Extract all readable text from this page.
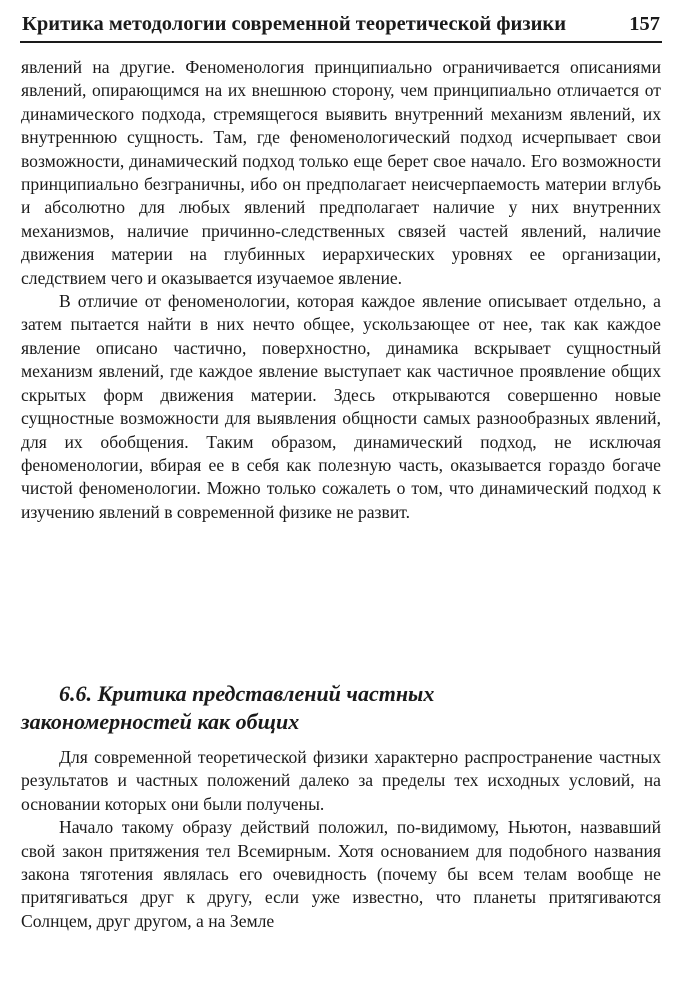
Критика методологии современной теоретической физики	157

явлений на другие. Феноменология принципиально ограничивается описаниями явлений, опирающимся на их внешнюю сторону, чем принципиально отличается от динамического подхода, стремящегося выявить внутренний механизм явлений, их внутреннюю сущность. Там, где феноменологический подход исчерпывает свои возможности, динамический подход только еще берет свое начало. Его возможности принципиально безграничны, ибо он предполагает неисчерпаемость материи вглубь и абсолютно для любых явлений предполагает наличие у них внутренних механизмов, наличие причинно-следственных связей частей явлений, наличие движения материи на глубинных иерархических уровнях ее организации, следствием чего и оказывается изучаемое явление.

В отличие от феноменологии, которая каждое явление описывает отдельно, а затем пытается найти в них нечто общее, ускользающее от нее, так как каждое явление описано частично, поверхностно, динамика вскрывает сущностный механизм явлений, где каждое явление выступает как частичное проявление общих скрытых форм движения материи. Здесь открываются совершенно новые сущностные возможности для выявления общности самых разнообразных явлений, для их обобщения. Таким образом, динамический подход, не исключая феноменологии, вбирая ее в себя как полезную часть, оказывается гораздо богаче чистой феноменологии. Можно только сожалеть о том, что динамический подход к изучению явлений в современной физике не развит.

6.6. Критика представлений частных
закономерностей как общих

Для современной теоретической физики характерно распространение частных результатов и частных положений далеко за пределы тех исходных условий, на основании которых они были получены.

Начало такому образу действий положил, по-видимому, Ньютон, назвавший свой закон притяжения тел Всемирным. Хотя основанием для подобного названия закона тяготения являлась его очевидность (почему бы всем телам вообще не притягиваться друг к другу, если уже известно, что планеты притягиваются Солнцем, друг другом, а на Земле
